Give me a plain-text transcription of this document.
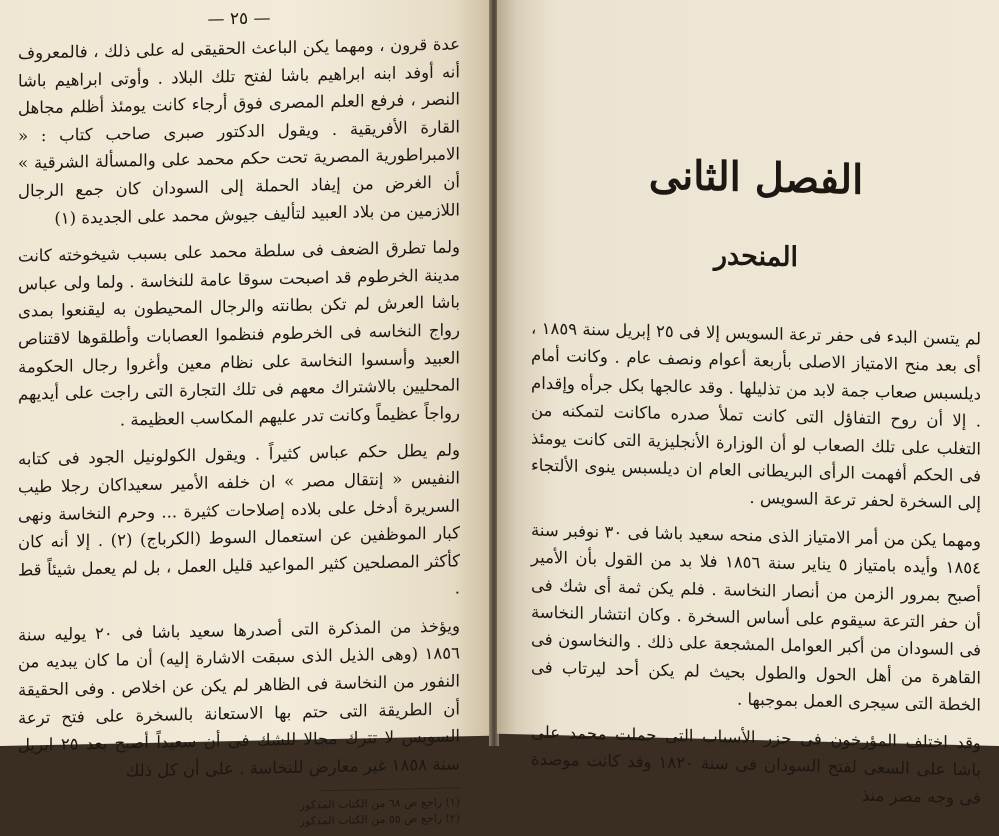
— ٢٥ —

عدة قرون ، ومهما يكن الباعث الحقيقى له على ذلك ، فالمعروف أنه أوفد ابنه ابراهيم باشا لفتح تلك البلاد . وأوتى ابراهيم باشا النصر ، فرفع العلم المصرى فوق أرجاء كانت يومئذ أظلم مجاهل القارة الأفريقية . ويقول الدكتور صبرى صاحب كتاب : « الامبراطورية المصرية تحت حكم محمد على والمسألة الشرقية » أن الغرض من إيفاد الحملة إلى السودان كان جمع الرجال اللازمين من بلاد العبيد لتأليف جيوش محمد على الجديدة (١)

ولما تطرق الضعف فى سلطة محمد على بسبب شيخوخته كانت مدينة الخرطوم قد اصبحت سوقا عامة للنخاسة . ولما ولى عباس باشا العرش لم تكن بطانته والرجال المحيطون به ليقنعوا بمدى رواج النخاسه فى الخرطوم فنظموا العصابات وأطلقوها لاقتناص العبيد وأسسوا النخاسة على نظام معين وأغروا رجال الحكومة المحليين بالاشتراك معهم فى تلك التجارة التى راجت على أيديهم رواجاً عظيماً وكانت تدر عليهم المكاسب العظيمة .

ولم يطل حكم عباس كثيراً . ويقول الكولونيل الجود فى كتابه النفيس « إنتقال مصر » ان خلفه الأمير سعيداكان رجلا طيب السريرة أدخل على بلاده إصلاحات كثيرة ... وحرم النخاسة ونهى كبار الموظفين عن استعمال السوط (الكرباج) (٢) . إلا أنه كان كأكثر المصلحين كثير المواعيد قليل العمل ، بل لم يعمل شيئاً قط .

ويؤخذ من المذكرة التى أصدرها سعيد باشا فى ٢٠ يوليه سنة ١٨٥٦ (وهى الذيل الذى سبقت الاشارة إليه) أن ما كان يبديه من النفور من النخاسة فى الظاهر لم يكن عن اخلاص . وفى الحقيقة أن الطريقة التى حتم بها الاستعانة بالسخرة على فتح ترعة السويس لا تترك مجالا للشك فى أن سعيداً أصبح بعد ٢٥ ابريل سنة ١٨٥٨ غير معارض للنخاسة . على أن كل ذلك

(١) راجع ص ٦٨ من الكتاب المذكور

(٢) راجع ص ٥٥ من الكتاب المذكور

الفصل الثانى
المنحدر

لم يتسن البدء فى حفر ترعة السويس إلا فى ٢٥ إبريل سنة ١٨٥٩ ، أى بعد منح الامتياز الاصلى بأربعة أعوام ونصف عام . وكانت أمام ديلسبس صعاب جمة لابد من تذليلها . وقد عالجها بكل جرأه وإقدام . إلا أن روح التفاؤل التى كانت تملأ صدره ماكانت لتمكنه من التغلب على تلك الصعاب لو أن الوزارة الأنجليزية التى كانت يومئذ فى الحكم أفهمت الرأى البريطانى العام ان ديلسبس ينوى الألتجاء إلى السخرة لحفر ترعة السويس .

ومهما يكن من أمر الامتياز الذى منحه سعيد باشا فى ٣٠ نوفبر سنة ١٨٥٤ وأيده بامتياز ٥ يناير سنة ١٨٥٦ فلا بد من القول بأن الأمير أصبح بمرور الزمن من أنصار النخاسة . فلم يكن ثمة أى شك فى أن حفر الترعة سيقوم على أساس السخرة . وكان انتشار النخاسة فى السودان من أكبر العوامل المشجعة على ذلك . والنخاسون فى القاهرة من أهل الحول والطول بحيث لم يكن أحد ليرتاب فى الخطة التى سيجرى العمل بموجبها .

وقد اختلف المؤرخون فى حزر الأسباب التى حملت محمد على باشا على السعى لفتح السودان فى سنة ١٨٢٠ وقد كانت موصدة فى وجه مصر منذ
